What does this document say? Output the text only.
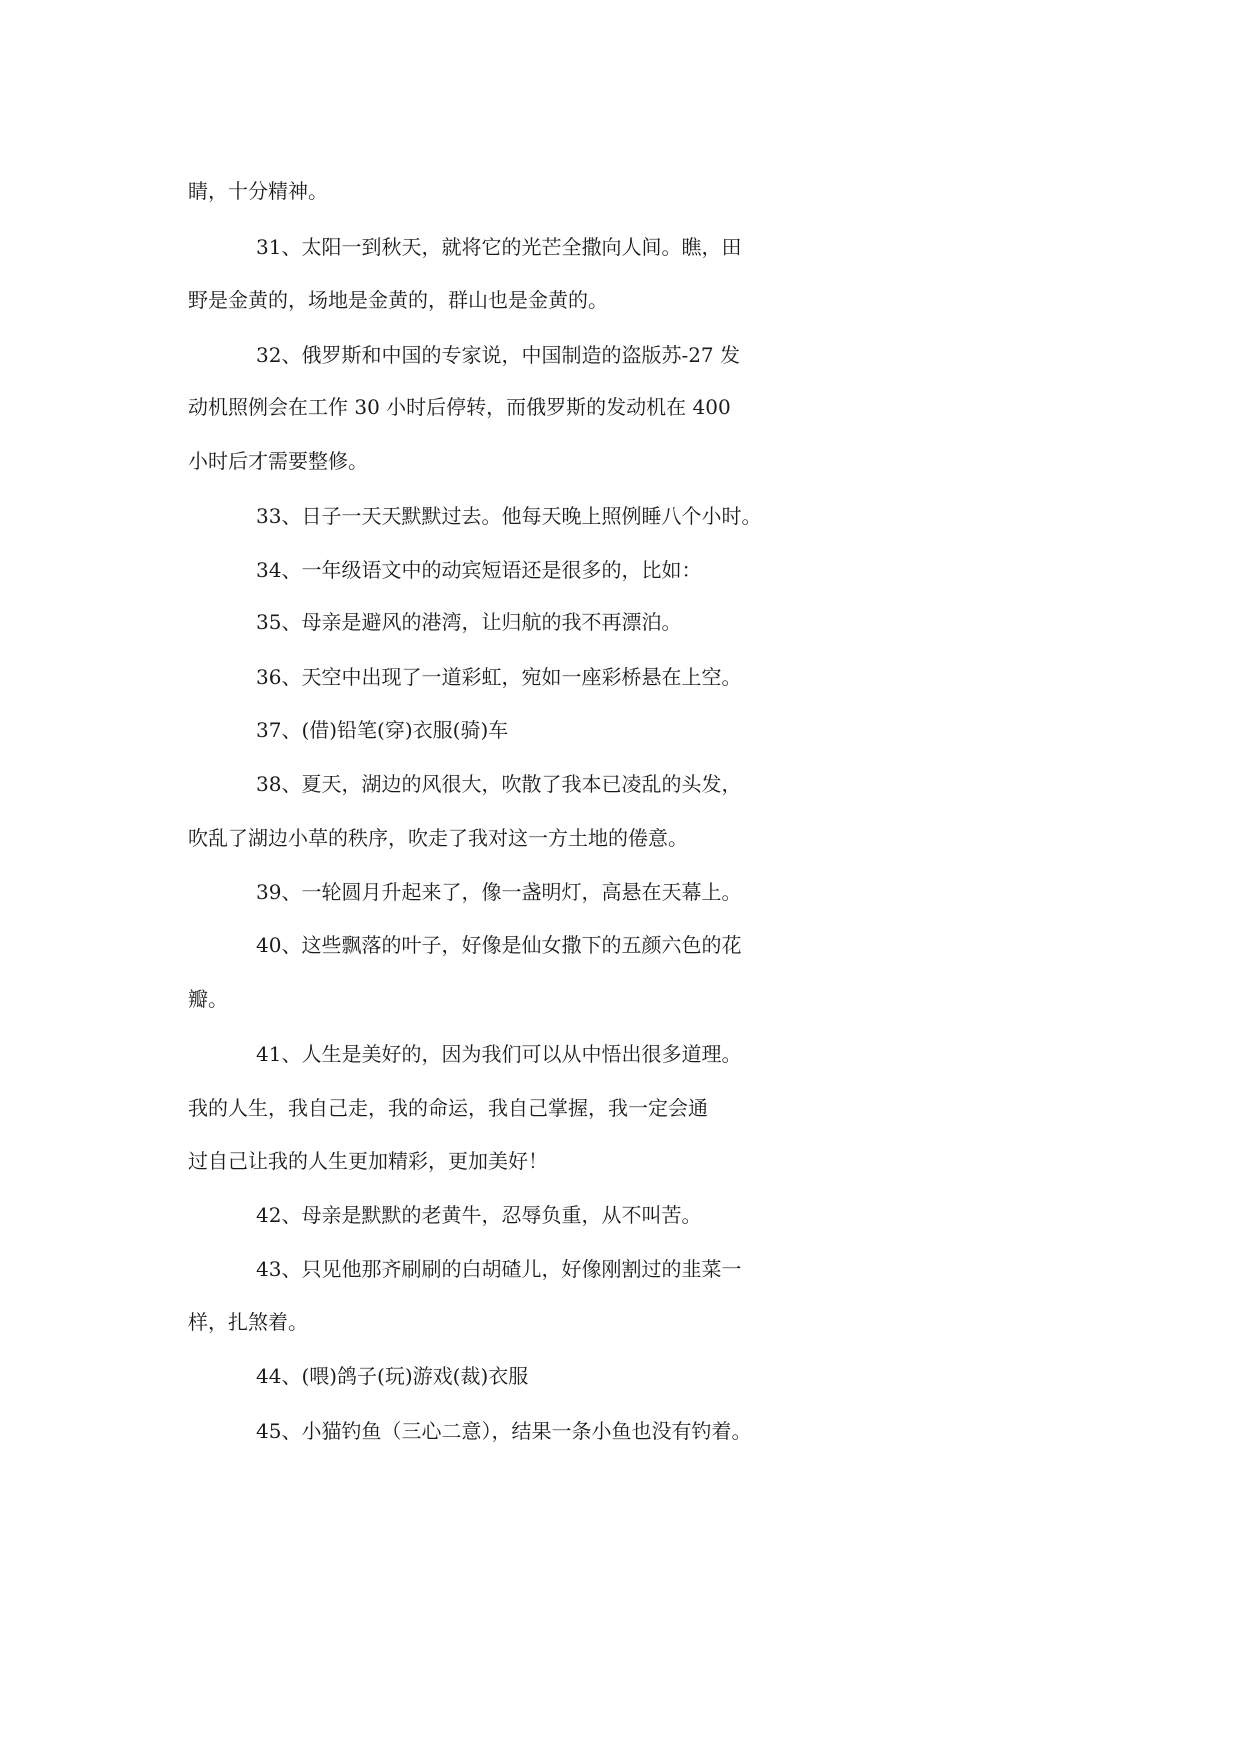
睛，十分精神。
31、太阳一到秋天，就将它的光芒全撒向人间。瞧，田
野是金黄的，场地是金黄的，群山也是金黄的。
32、俄罗斯和中国的专家说，中国制造的盗版苏-27 发
动机照例会在工作 30 小时后停转，而俄罗斯的发动机在 400
小时后才需要整修。
33、日子一天天默默过去。他每天晚上照例睡八个小时。
34、一年级语文中的动宾短语还是很多的，比如：
35、母亲是避风的港湾，让归航的我不再漂泊。
36、天空中出现了一道彩虹，宛如一座彩桥悬在上空。
37、(借)铅笔(穿)衣服(骑)车
38、夏天，湖边的风很大，吹散了我本已凌乱的头发，
吹乱了湖边小草的秩序，吹走了我对这一方土地的倦意。
39、一轮圆月升起来了，像一盏明灯，高悬在天幕上。
40、这些飘落的叶子，好像是仙女撒下的五颜六色的花
瓣。
41、人生是美好的，因为我们可以从中悟出很多道理。
我的人生，我自己走，我的命运，我自己掌握，我一定会通
过自己让我的人生更加精彩，更加美好！
42、母亲是默默的老黄牛，忍辱负重，从不叫苦。
43、只见他那齐刷刷的白胡碴儿，好像刚割过的韭菜一
样，扎煞着。
44、(喂)鸽子(玩)游戏(裁)衣服
45、小猫钓鱼（三心二意），结果一条小鱼也没有钓着。
